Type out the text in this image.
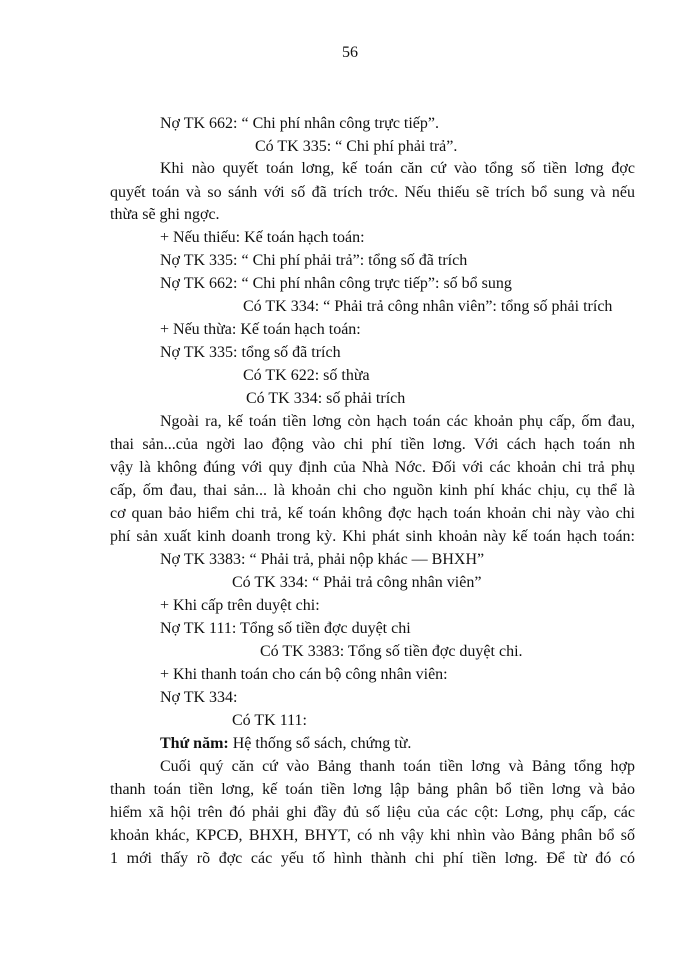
56
Nợ TK 662: “ Chi phí nhân công trực tiếp”.
Có TK 335: “ Chi phí phải trả”.
Khi nào quyết toán lơng, kế toán căn cứ vào tổng số tiền lơng đợc
quyết toán và so sánh với số đã trích trớc. Nếu thiếu sẽ trích bổ sung và nếu
thừa sẽ ghi ngợc.
+ Nếu thiếu: Kế toán hạch toán:
Nợ TK 335: “ Chi phí phải trả”: tổng số đã trích
Nợ TK 662: “ Chi phí nhân công trực tiếp”: số bổ sung
Có TK 334: “ Phải trả công nhân viên”: tổng số phải trích
+ Nếu thừa: Kế toán hạch toán:
Nợ TK 335: tổng số đã trích
Có TK 622: số thừa
Có TK 334: số phải trích
Ngoài ra, kế toán tiền lơng còn hạch toán các khoản phụ cấp, ốm đau,
thai sản...của ngời lao động vào chi phí tiền lơng. Với cách hạch toán nh
vậy là không đúng với quy định của Nhà Nớc. Đối với các khoản chi trả phụ
cấp, ốm đau, thai sản... là khoản chi cho nguồn kinh phí khác chịu, cụ thể là
cơ quan bảo hiểm chi trả, kế toán không đợc hạch toán khoản chi này vào chi
phí sản xuất kinh doanh trong kỳ. Khi phát sinh khoản này kế toán hạch toán:
Nợ TK 3383: “ Phải trả, phải nộp khác — BHXH”
Có TK 334: “ Phải trả công nhân viên”
+ Khi cấp trên duyệt chi:
Nợ TK 111: Tổng số tiền đợc duyệt chi
Có TK 3383: Tổng số tiền đợc duyệt chi.
+ Khi thanh toán cho cán bộ công nhân viên:
Nợ TK 334:
Có TK 111:
Thứ năm: Hệ thống sổ sách, chứng từ.
Cuối quý căn cứ vào Bảng thanh toán tiền lơng và Bảng tổng hợp
thanh toán tiền lơng, kế toán tiền lơng lập bảng phân bổ tiền lơng và bảo
hiểm xã hội trên đó phải ghi đầy đủ số liệu của các cột: Lơng, phụ cấp, các
khoản khác, KPCĐ, BHXH, BHYT, có nh vậy khi nhìn vào Bảng phân bổ số
1 mới thấy rõ đợc các yếu tố hình thành chi phí tiền lơng. Để từ đó có
